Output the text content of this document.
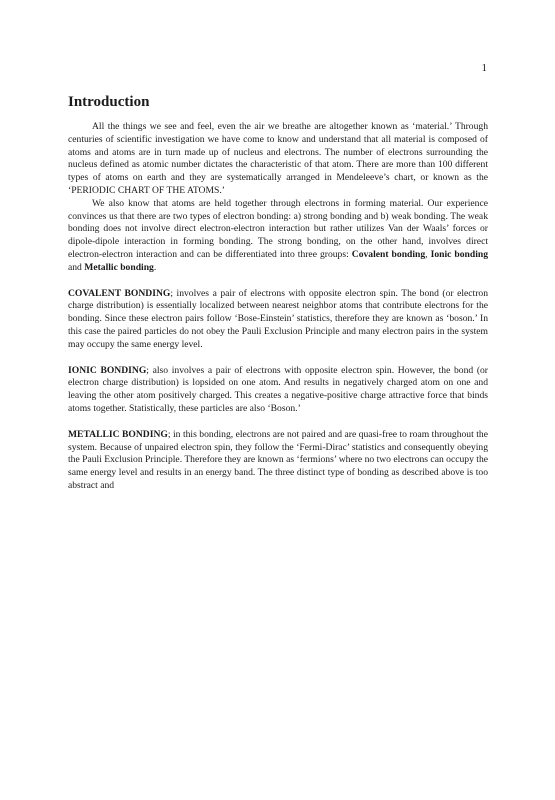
1
Introduction

All the things we see and feel, even the air we breathe are altogether known as ‘material.’ Through centuries of scientific investigation we have come to know and understand that all material is composed of atoms and atoms are in turn made up of nucleus and electrons. The number of electrons surrounding the nucleus defined as atomic number dictates the characteristic of that atom. There are more than 100 different types of atoms on earth and they are systematically arranged in Mendeleeve’s chart, or known as the ‘PERIODIC CHART OF THE ATOMS.’

We also know that atoms are held together through electrons in forming material. Our experience convinces us that there are two types of electron bonding: a) strong bonding and b) weak bonding. The weak bonding does not involve direct electron-electron interaction but rather utilizes Van der Waals’ forces or dipole-dipole interaction in forming bonding. The strong bonding, on the other hand, involves direct electron-electron interaction and can be differentiated into three groups: Covalent bonding, Ionic bonding and Metallic bonding.

COVALENT BONDING; involves a pair of electrons with opposite electron spin. The bond (or electron charge distribution) is essentially localized between nearest neighbor atoms that contribute electrons for the bonding. Since these electron pairs follow ‘Bose-Einstein’ statistics, therefore they are known as ‘boson.’ In this case the paired particles do not obey the Pauli Exclusion Principle and many electron pairs in the system may occupy the same energy level.

IONIC BONDING; also involves a pair of electrons with opposite electron spin. However, the bond (or electron charge distribution) is lopsided on one atom. And results in negatively charged atom on one and leaving the other atom positively charged. This creates a negative-positive charge attractive force that binds atoms together. Statistically, these particles are also ‘Boson.’

METALLIC BONDING; in this bonding, electrons are not paired and are quasi-free to roam throughout the system. Because of unpaired electron spin, they follow the ‘Fermi-Dirac’ statistics and consequently obeying the Pauli Exclusion Principle. Therefore they are known as ‘fermions’ where no two electrons can occupy the same energy level and results in an energy band. The three distinct type of bonding as described above is too abstract and
